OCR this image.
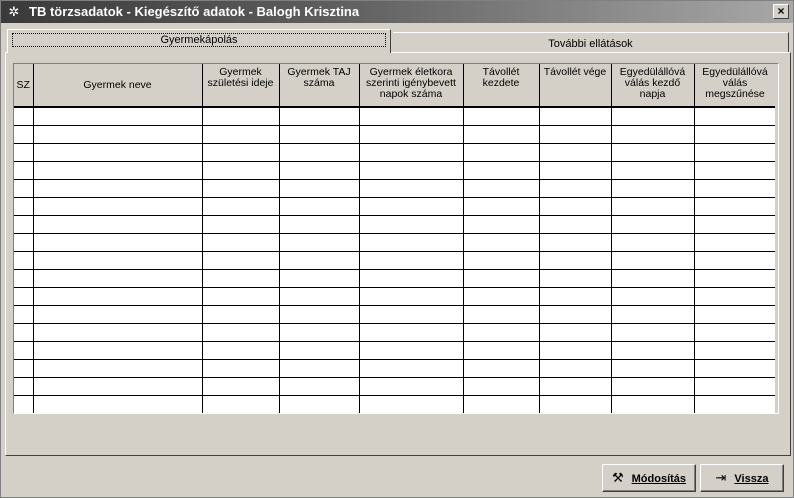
✲ TB törzsadatok - Kiegészítő adatok - Balogh Krisztina	×
Gyermekápolás	További ellátások
SZ	Gyermek neve	Gyermek születési ideje	Gyermek TAJ száma	Gyermek életkora szerinti igénybevett napok száma	Távollét kezdete	Távollét vége	Egyedülállóvá válás kezdő napja	Egyedülállóvá válás megszűnése

⚒ Módosítás	⇥ Vissza
